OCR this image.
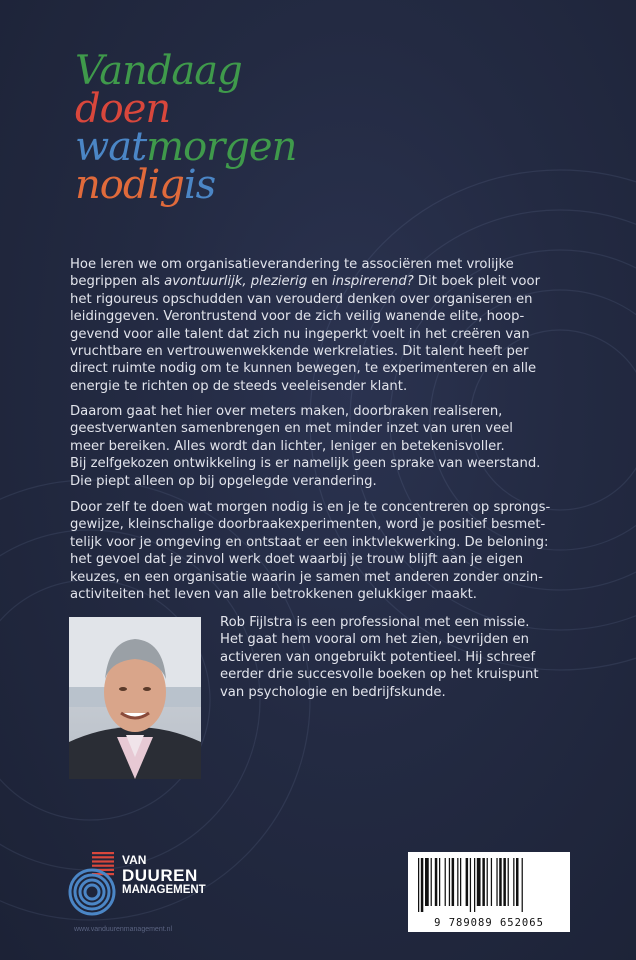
Vandaag
doen
watmorgen
nodigis

Hoe leren we om organisatieverandering te associëren met vrolijke
begrippen als avontuurlijk, plezierig en inspirerend? Dit boek pleit voor
het rigoureus opschudden van verouderd denken over organiseren en
leidinggeven. Verontrustend voor de zich veilig wanende elite, hoop-
gevend voor alle talent dat zich nu ingeperkt voelt in het creëren van
vruchtbare en vertrouwenwekkende werkrelaties. Dit talent heeft per
direct ruimte nodig om te kunnen bewegen, te experimenteren en alle
energie te richten op de steeds veeleisender klant.

Daarom gaat het hier over meters maken, doorbraken realiseren,
geestverwanten samenbrengen en met minder inzet van uren veel
meer bereiken. Alles wordt dan lichter, leniger en betekenisvoller.
Bij zelfgekozen ontwikkeling is er namelijk geen sprake van weerstand.
Die piept alleen op bij opgelegde verandering.

Door zelf te doen wat morgen nodig is en je te concentreren op sprongs-
gewijze, kleinschalige doorbraakexperimenten, word je positief besmet-
telijk voor je omgeving en ontstaat er een inktvlekwerking. De beloning:
het gevoel dat je zinvol werk doet waarbij je trouw blijft aan je eigen
keuzes, en een organisatie waarin je samen met anderen zonder onzin-
activiteiten het leven van alle betrokkenen gelukkiger maakt.

Rob Fijlstra is een professional met een missie.
Het gaat hem vooral om het zien, bevrijden en
activeren van ongebruikt potentieel. Hij schreef
eerder drie succesvolle boeken op het kruispunt
van psychologie en bedrijfskunde.
VAN
DUUREN
MANAGEMENT
www.vanduurenmanagement.nl
9 789089 652065
